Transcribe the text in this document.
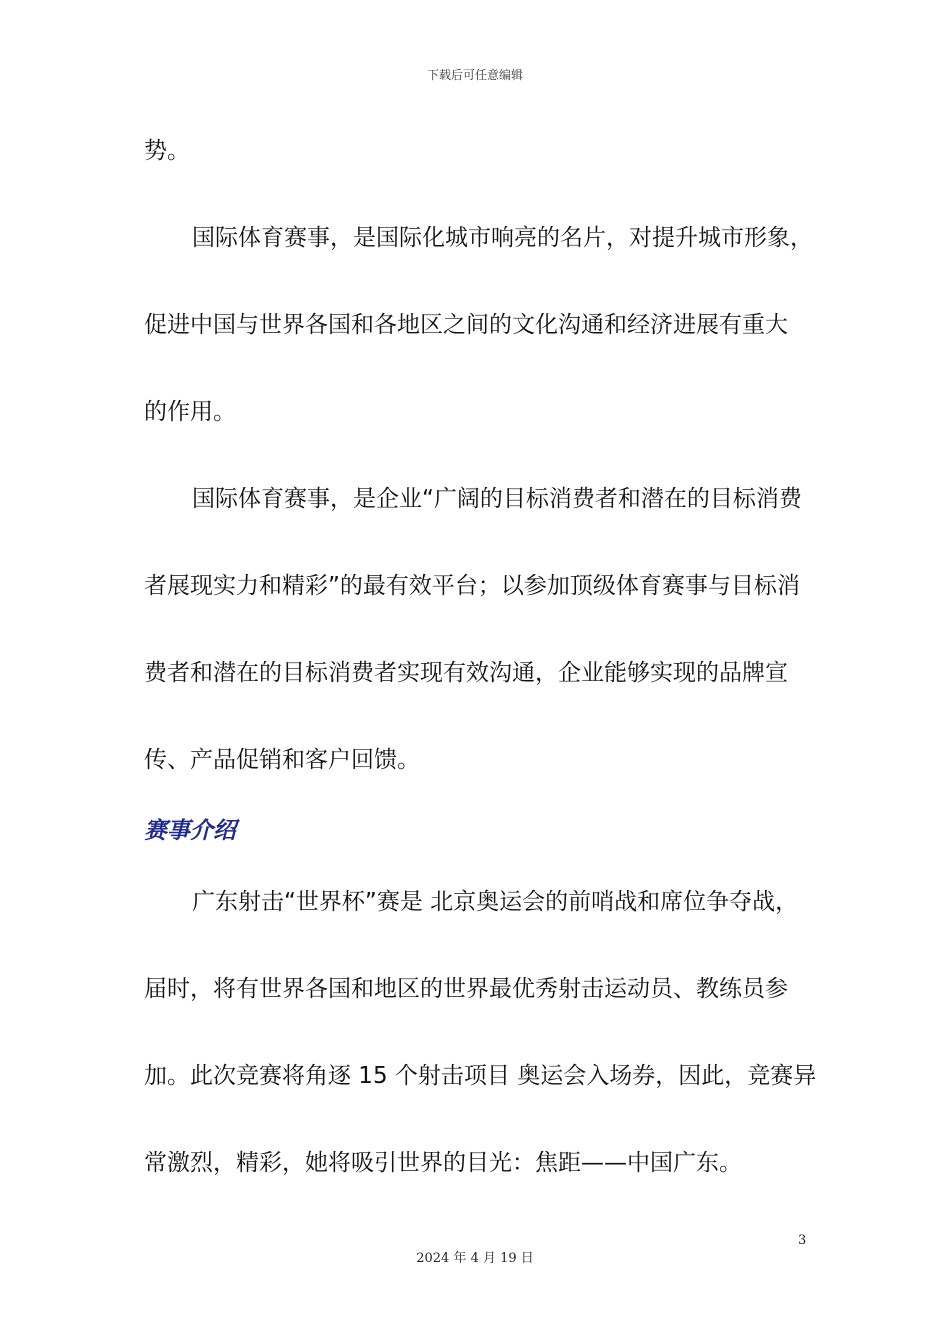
下载后可任意编辑
势。
国际体育赛事，是国际化城市响亮的名片，对提升城市形象，
促进中国与世界各国和各地区之间的文化沟通和经济进展有重大
的作用。
国际体育赛事，是企业“广阔的目标消费者和潜在的目标消费
者展现实力和精彩”的最有效平台；以参加顶级体育赛事与目标消
费者和潜在的目标消费者实现有效沟通，企业能够实现的品牌宣
传、产品促销和客户回馈。
赛事介绍
广东射击“世界杯”赛是 北京奥运会的前哨战和席位争夺战，
届时，将有世界各国和地区的世界最优秀射击运动员、教练员参
加。此次竞赛将角逐 15 个射击项目 奥运会入场券，因此，竞赛异
常激烈，精彩，她将吸引世界的目光：焦距——中国广东。
3
2024 年 4 月 19 日
